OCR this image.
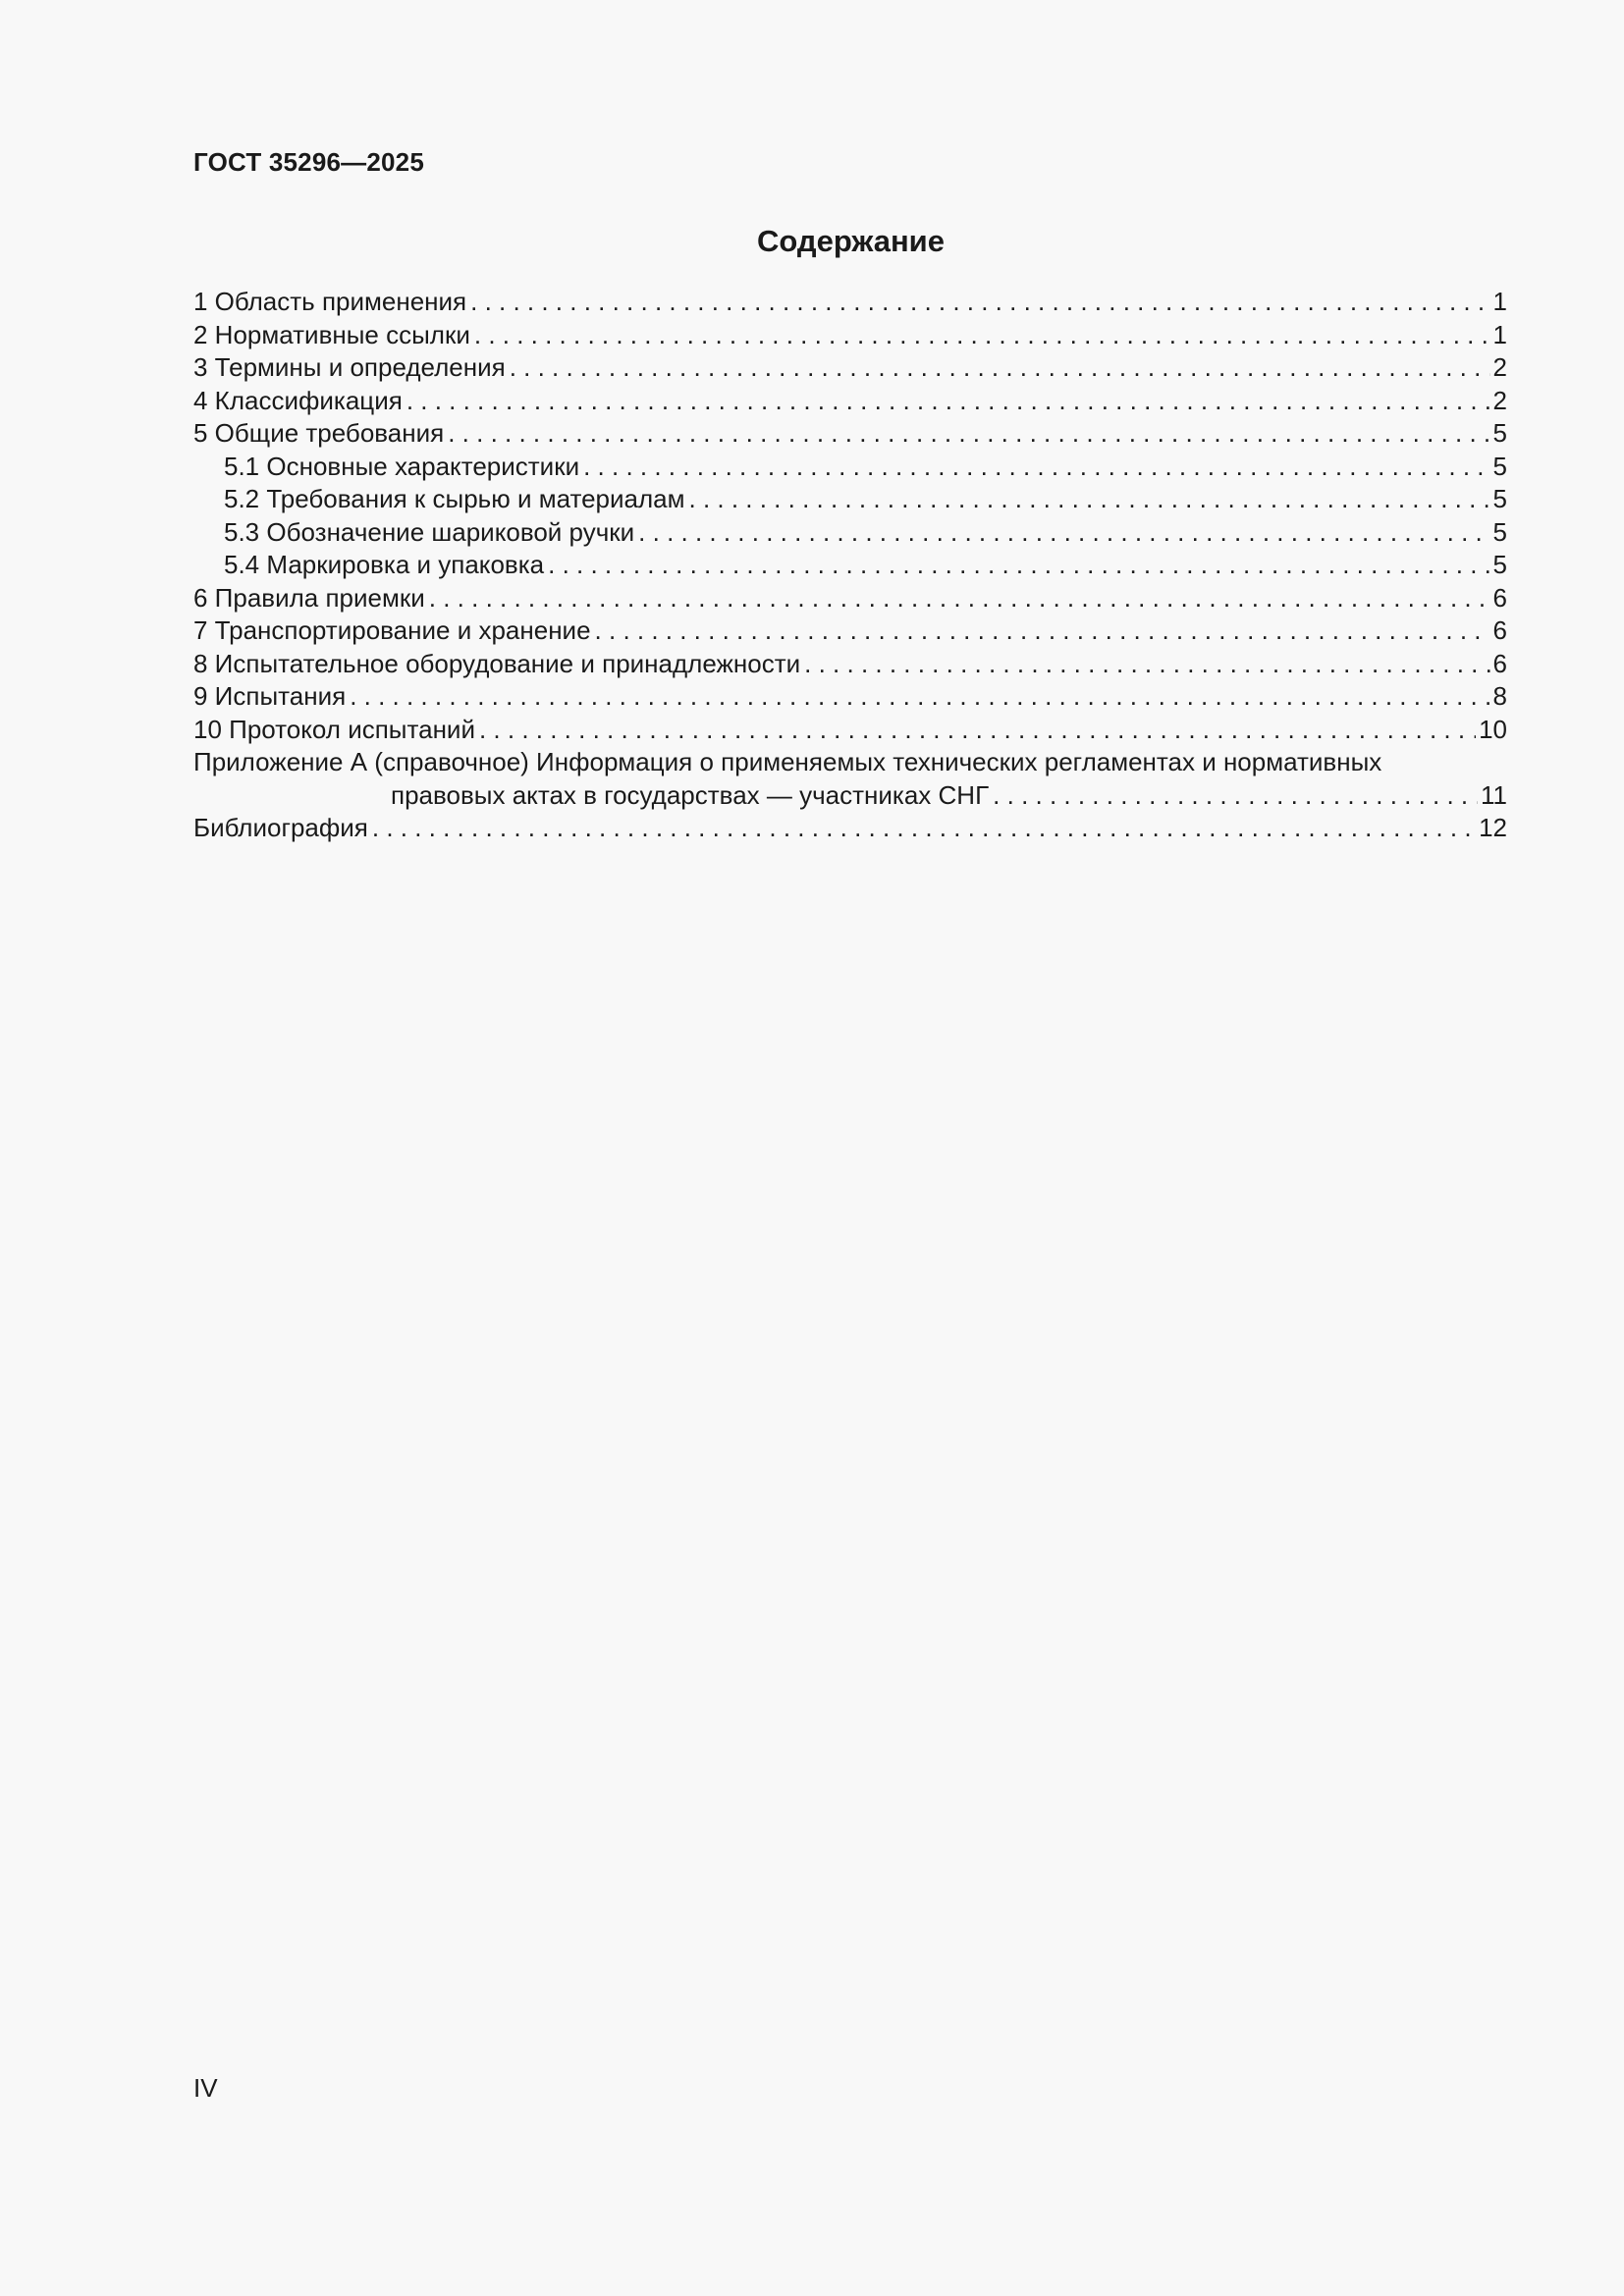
ГОСТ 35296—2025
Содержание
1 Область применения . . .	1
2 Нормативные ссылки . . .	1
3 Термины и определения . . .	2
4 Классификация . . .	2
5 Общие требования . . .	5
5.1 Основные характеристики . . .	5
5.2 Требования к сырью и материалам . . .	5
5.3 Обозначение шариковой ручки . . .	5
5.4 Маркировка и упаковка . . .	5
6 Правила приемки . . .	6
7 Транспортирование и хранение . . .	6
8 Испытательное оборудование и принадлежности . . .	6
9 Испытания . . .	8
10 Протокол испытаний . . .	10
Приложение А (справочное) Информация о применяемых технических регламентах и нормативных
правовых актах в государствах — участниках СНГ . . .	11
Библиография . . .	12
IV
